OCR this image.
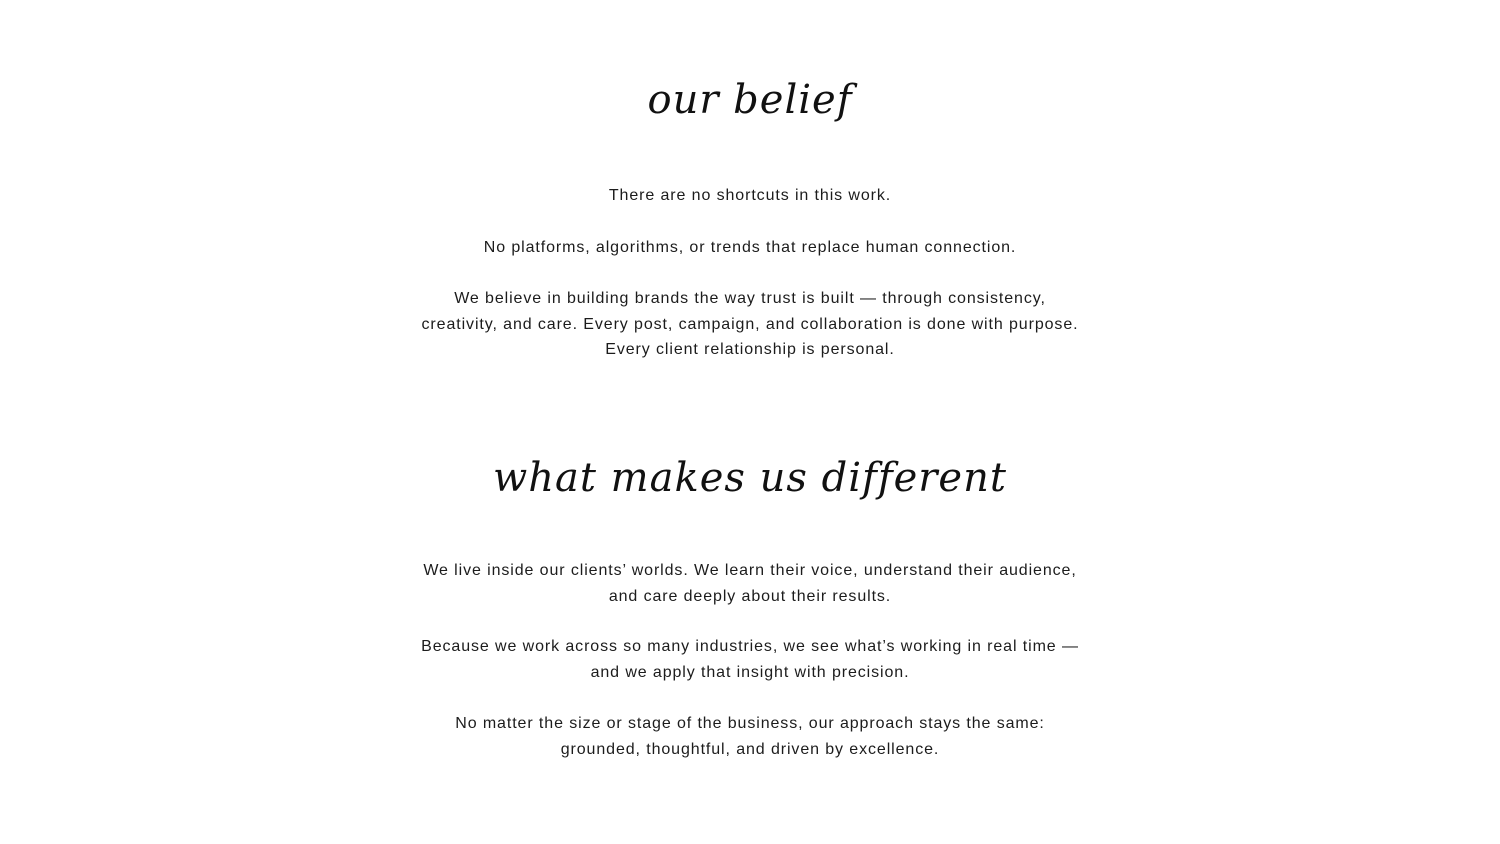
our belief

There are no shortcuts in this work.

No platforms, algorithms, or trends that replace human connection.

We believe in building brands the way trust is built — through consistency, creativity, and care. Every post, campaign, and collaboration is done with purpose. Every client relationship is personal.

what makes us different

We live inside our clients’ worlds. We learn their voice, understand their audience, and care deeply about their results.

Because we work across so many industries, we see what’s working in real time — and we apply that insight with precision.

No matter the size or stage of the business, our approach stays the same: grounded, thoughtful, and driven by excellence.
